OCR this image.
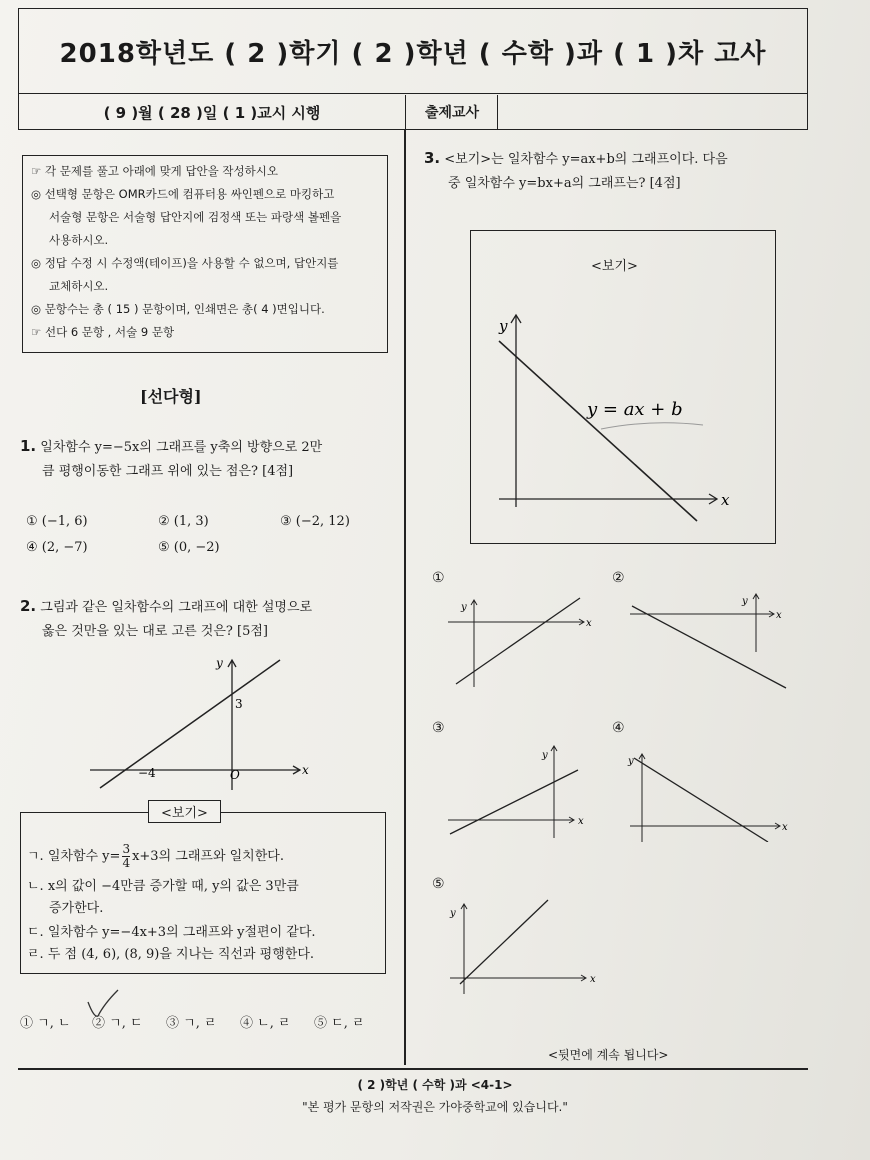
2018학년도 ( 2 )학기 ( 2 )학년 ( 수학 )과 ( 1 )차 고사
( 9 )월 ( 28 )일 ( 1 )교시 시행	출제교사
☞ 각 문제를 풀고 아래에 맞게 답안을 작성하시오
◎ 선택형 문항은 OMR카드에 컴퓨터용 싸인펜으로 마킹하고
서술형 문항은 서술형 답안지에 검정색 또는 파랑색 볼펜을
사용하시오.
◎ 정답 수정 시 수정액(테이프)을 사용할 수 없으며, 답안지를
교체하시오.
◎ 문항수는 총 ( 15 ) 문항이며, 인쇄면은 총( 4 )면입니다.
☞ 선다 6 문항 , 서술 9 문항
[선다형]
1. 일차함수 y=−5x의 그래프를 y축의 방향으로 2만
큼 평행이동한 그래프 위에 있는 점은? [4점]
① (−1, 6)	② (1, 3)	③ (−2, 12)
④ (2, −7)	⑤ (0, −2)
2. 그림과 같은 일차함수의 그래프에 대한 설명으로
옳은 것만을 있는 대로 고른 것은? [5점]
x
y
3
−4	O
ㄱ. 일차함수 $y= \frac{3}{4} x+3$의 그래프와 일치한다.
ㄴ. x의 값이 −4만큼 증가할 때, y의 값은 3만큼
증가한다.
ㄷ. 일차함수 y=−4x+3의 그래프와 y절편이 같다.
ㄹ. 두 점 (4, 6), (8, 9)을 지나는 직선과 평행한다.
<보기>
① ㄱ, ㄴ ② ㄱ, ㄷ ③ ㄱ, ㄹ ④ ㄴ, ㄹ ⑤ ㄷ, ㄹ
3. <보기>는 일차함수 y=ax+b의 그래프이다. 다음
중 일차함수 y=bx+a의 그래프는? [4점]
<보기>
y
x
y = ax + b
①
y
x
②
y
x
③
y
x
④
y
x
⑤
y
x
<뒷면에 계속 됩니다>
( 2 )학년 ( 수학 )과 <4-1>
"본 평가 문항의 저작권은 가야중학교에 있습니다."
